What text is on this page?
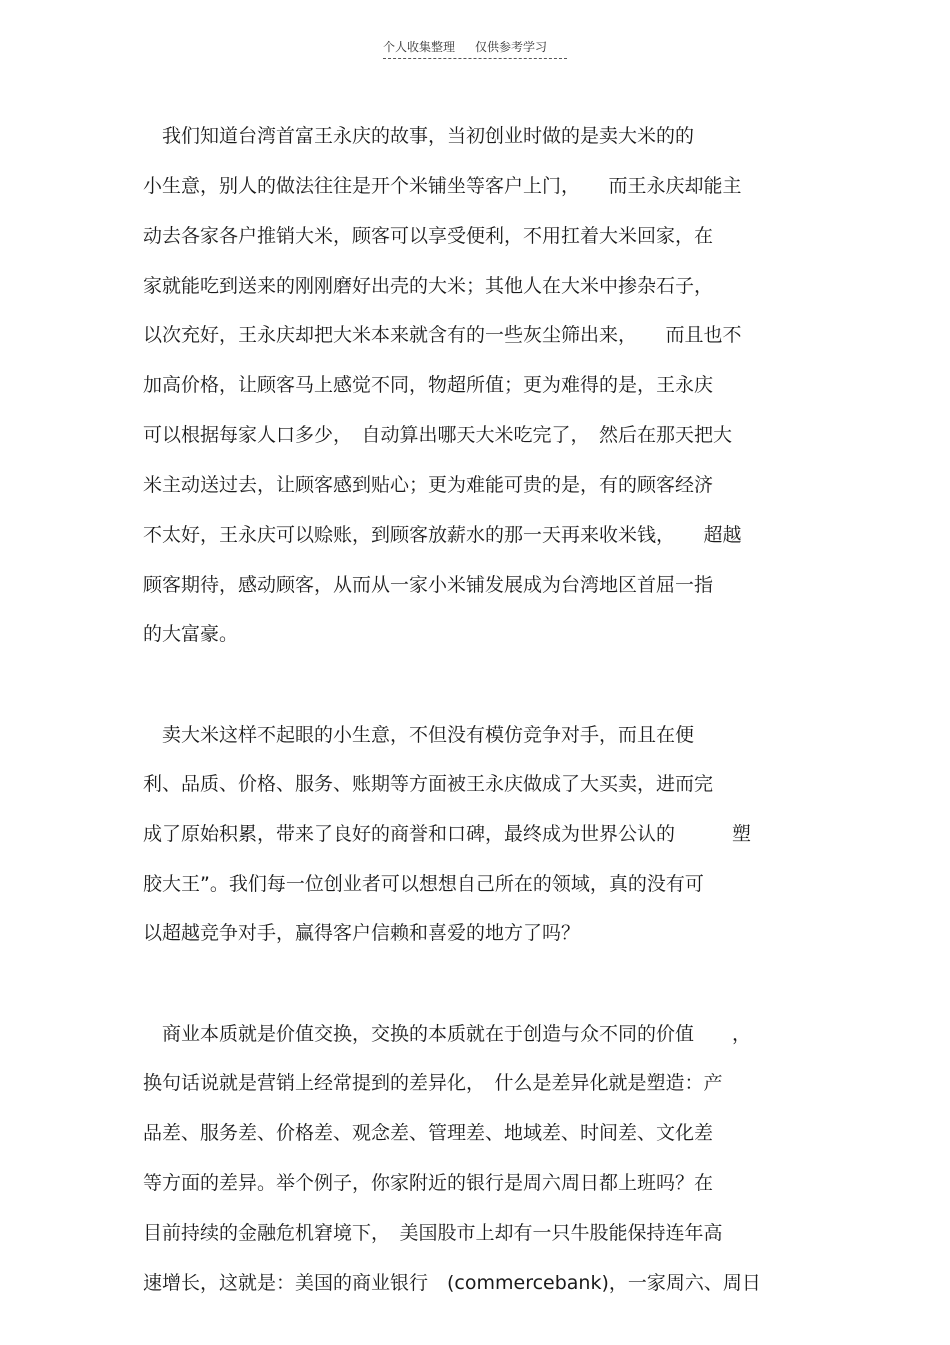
个人收集整理 仅供参考学习
　我们知道台湾首富王永庆的故事，当初创业时做的是卖大米的的
小生意，别人的做法往往是开个米铺坐等客户上门，　　而王永庆却能主
动去各家各户推销大米，顾客可以享受便利，不用扛着大米回家，在
家就能吃到送来的刚刚磨好出壳的大米；其他人在大米中掺杂石子，
以次充好，王永庆却把大米本来就含有的一些灰尘筛出来，　　而且也不
加高价格，让顾客马上感觉不同，物超所值；更为难得的是，王永庆
可以根据每家人口多少，　自动算出哪天大米吃完了，　然后在那天把大
米主动送过去，让顾客感到贴心；更为难能可贵的是，有的顾客经济
不太好，王永庆可以赊账，到顾客放薪水的那一天再来收米钱，　　超越
顾客期待，感动顾客，从而从一家小米铺发展成为台湾地区首屈一指
的大富豪。
　卖大米这样不起眼的小生意，不但没有模仿竞争对手，而且在便
利、品质、价格、服务、账期等方面被王永庆做成了大买卖，进而完
成了原始积累，带来了良好的商誉和口碑，最终成为世界公认的　　　塑
胶大王”。我们每一位创业者可以想想自己所在的领域，真的没有可
以超越竞争对手，赢得客户信赖和喜爱的地方了吗？
　商业本质就是价值交换，交换的本质就在于创造与众不同的价值　　，
换句话说就是营销上经常提到的差异化，　什么是差异化就是塑造：产
品差、服务差、价格差、观念差、管理差、地域差、时间差、文化差
等方面的差异。举个例子，你家附近的银行是周六周日都上班吗？在
目前持续的金融危机窘境下，　美国股市上却有一只牛股能保持连年高
速增长，这就是：美国的商业银行　(commercebank)，一家周六、周日
